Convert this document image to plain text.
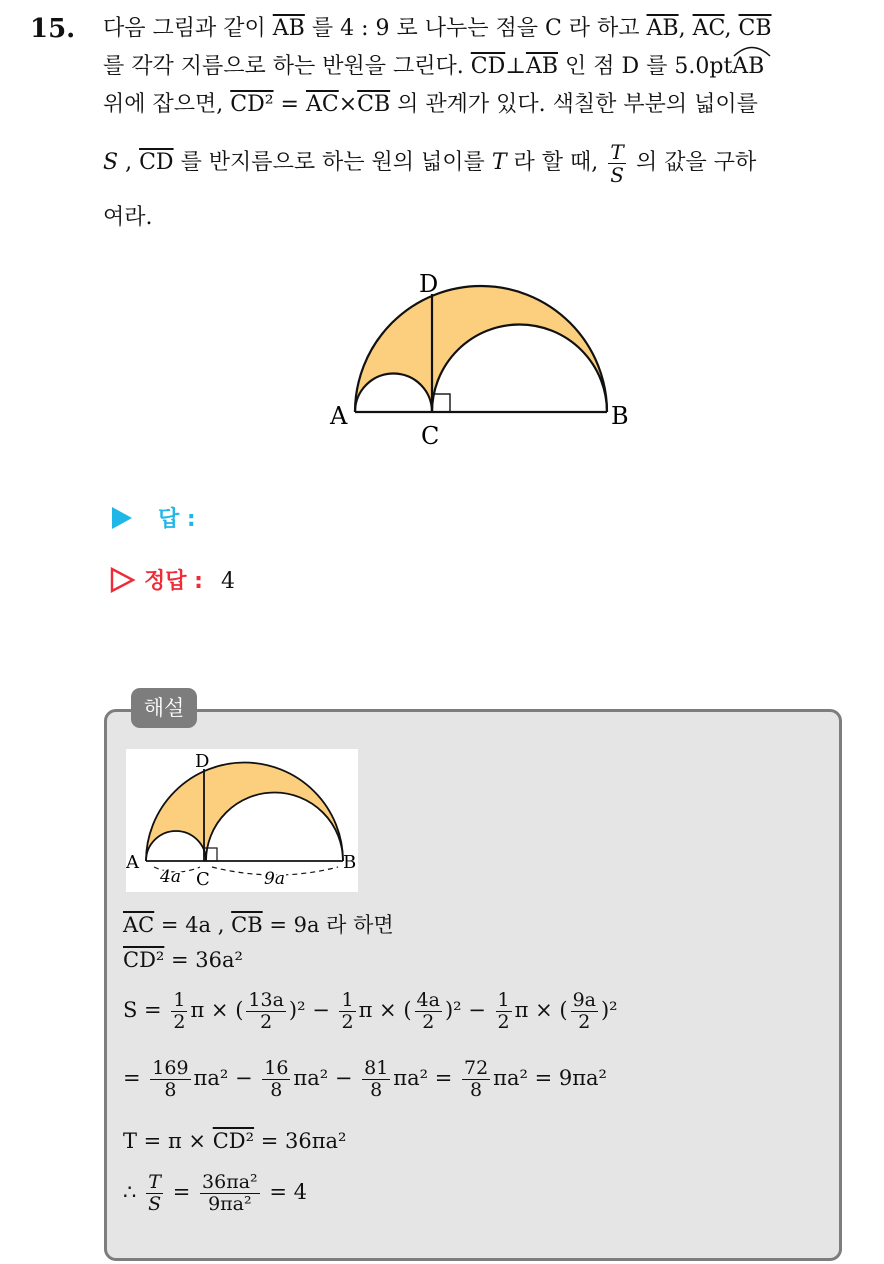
15. 다음 그림과 같이 $\overline{AB}$ 를 4 : 9 로 나누는 점을 C 라 하고 $\overline{AB}$, $\overline{AC}$, $\overline{CB}$
를 각각 지름으로 하는 반원을 그린다. $\overline{CD}\perp\overline{AB}$ 인 점 D 를 5.0ptAB
위에 잡으면, $CD^2 = \overline{AC}\times\overline{CB}$ 의 관계가 있다. 색칠한 부분의 넓이를
S , $\overline{CD}$ 를 반지름으로 하는 원의 넓이를 T 라 할 때, $\frac{T}{S}$ 의 값을 구하
여라.
A	B
C
D
답 :
정답 : 4
해설
A	B
C
D
4a	9a
$\overline{AC} = 4a$ , $\overline{CB} = 9a$ 라 하면
CD² = 36a²
$S = \frac{1}{2}$ π × ( $\frac{13a}{2} )^2 - \frac{1}{2}$ π × ( $\frac{4a}{2} )^2 - \frac{1}{2}$ π × ( $\frac{9a}{2} )^2$
= $\frac{169}{8} \pi a^2 - \frac{16}{8} \pi a^2 - \frac{81}{8} \pi a^2 = \frac{72}{8} \pi a^2 = 9\pi a^2$
T = π × CD² = 36πa²
∴ $\frac{T}{S} = \frac{\text{36πa²}}{\text{9πa²}} = 4$
